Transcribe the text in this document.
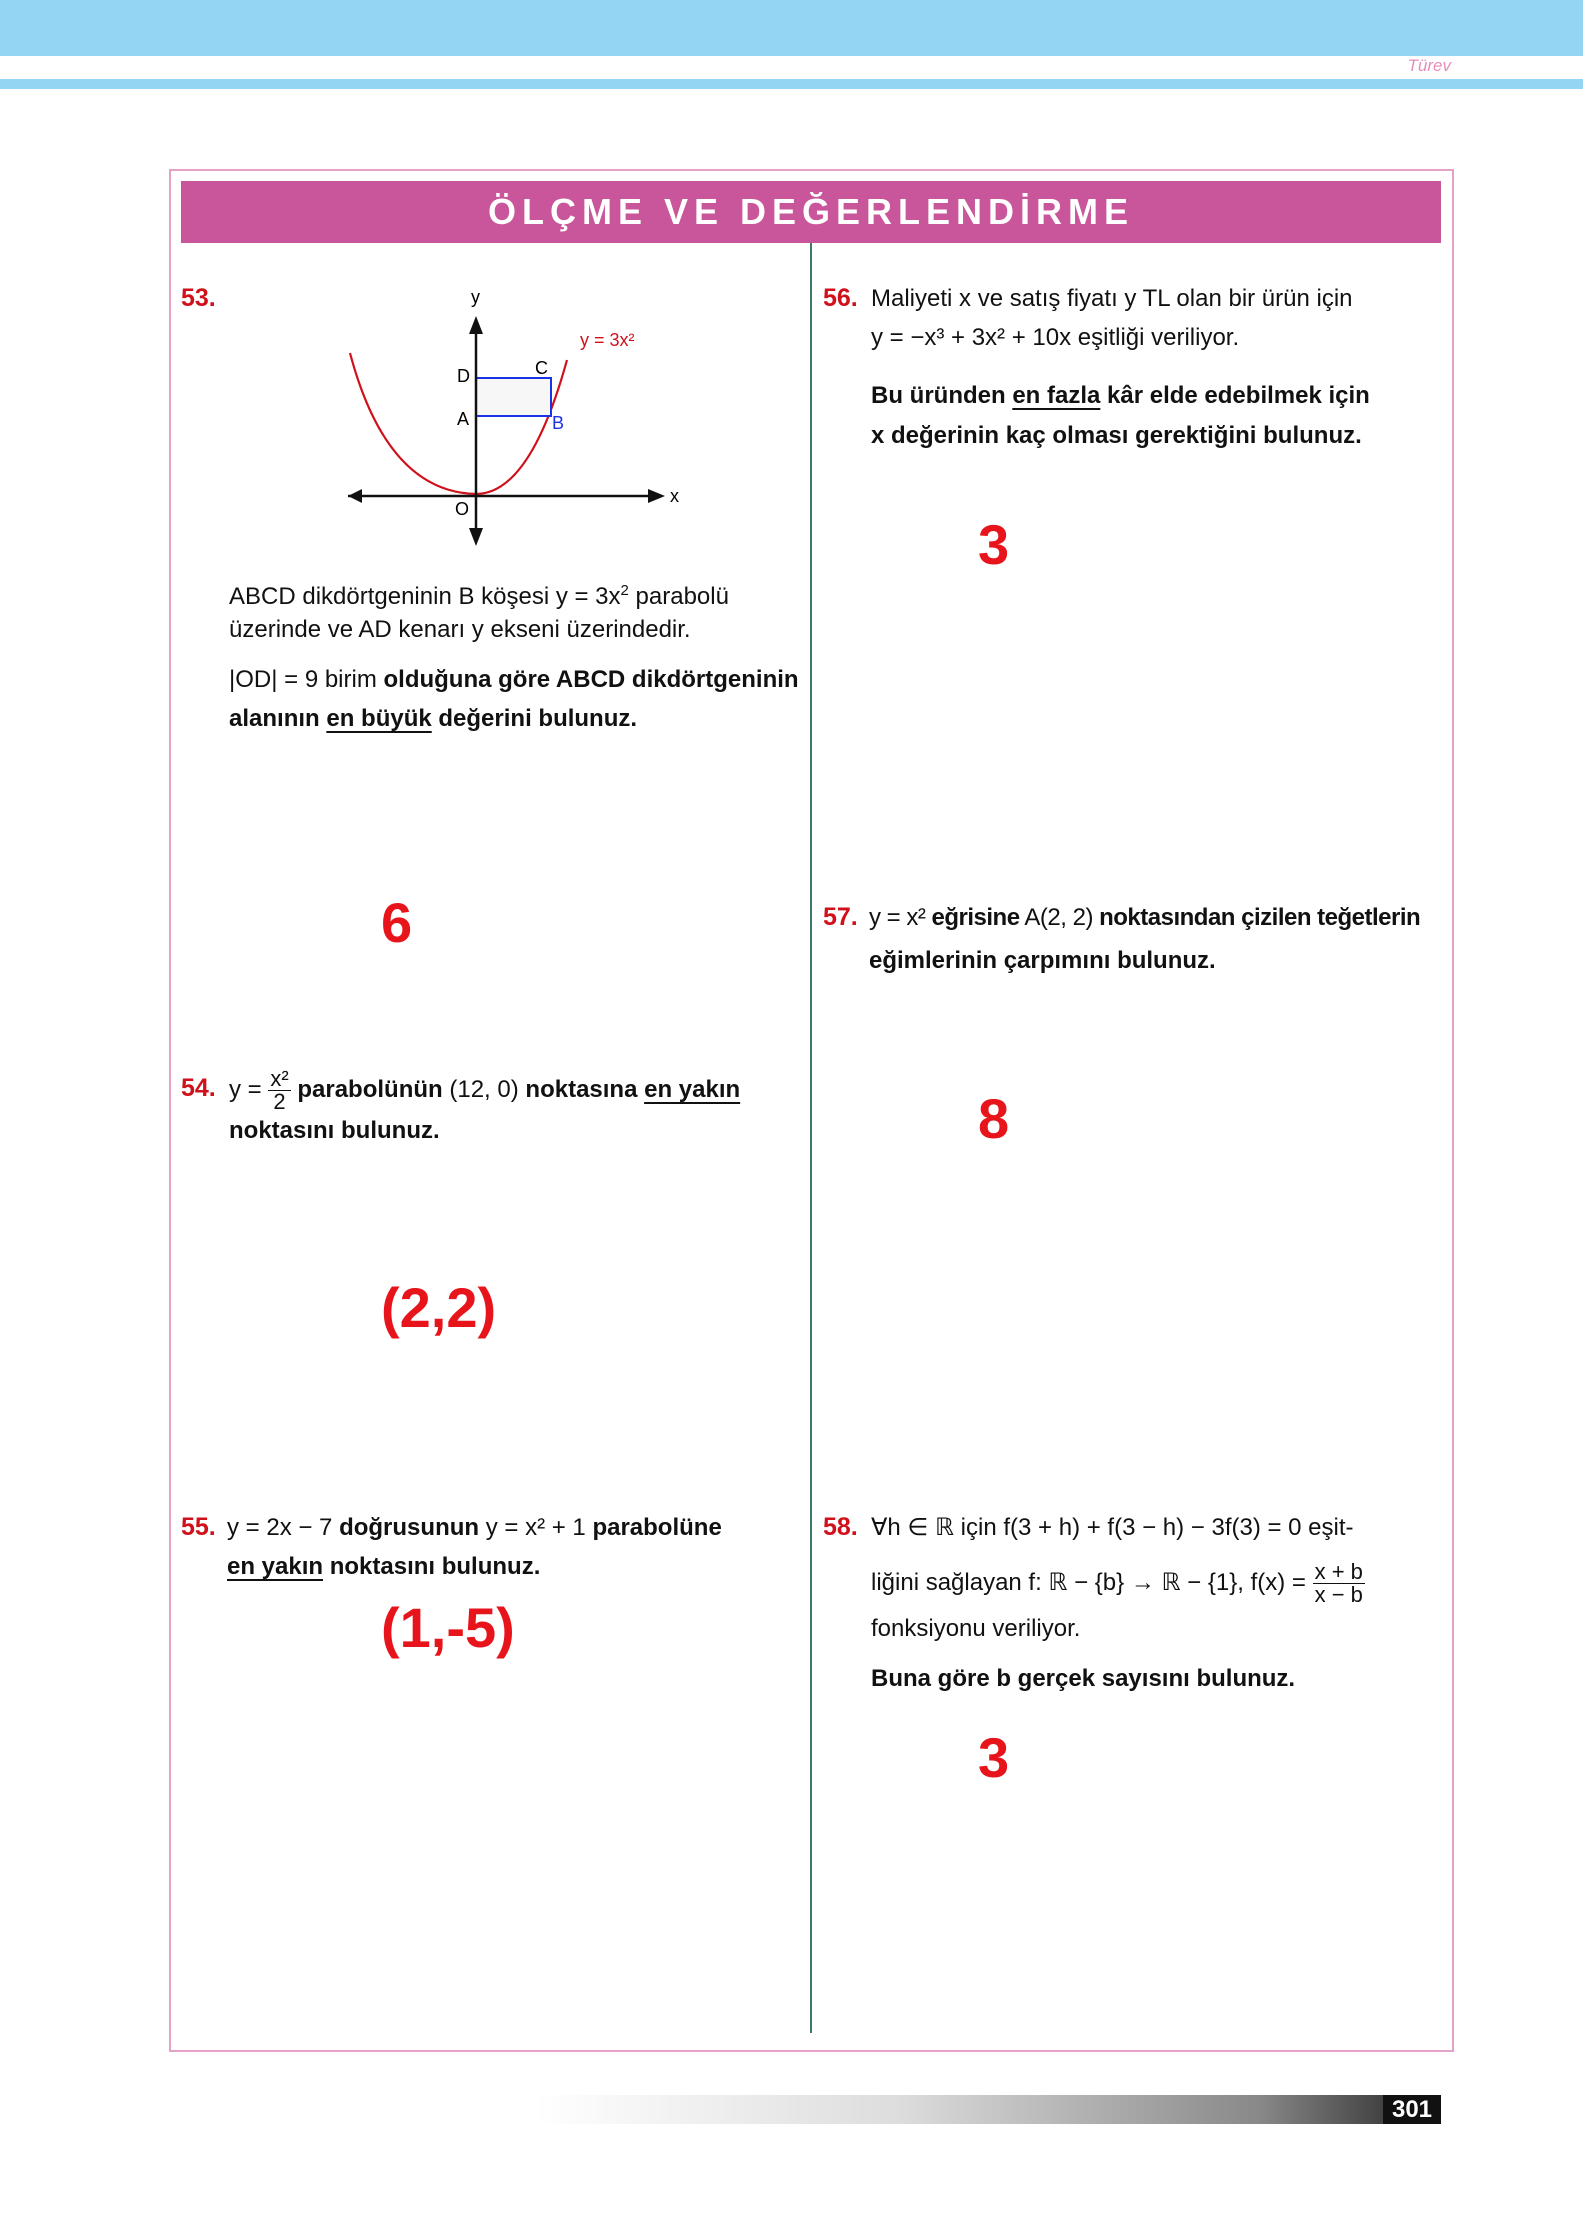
Türev
ÖLÇME VE DEĞERLENDİRME
53.	y
x
O
D
A
C
B
y = 3x²
ABCD dikdörtgeninin B köşesi $y = 3x^2$ parabolü
üzerinde ve AD kenarı y ekseni üzerindedir.
|OD| = 9 birim olduğuna göre ABCD dikdörtgeninin
alanının en büyük değerini bulunuz.
6
54. $y = \frac{\text{x²}}{2}$ parabolünün (12, 0) noktasına en yakın
noktasını bulunuz.
(2,2)
55. y = 2x − 7 doğrusunun y = x² + 1 parabolüne
en yakın noktasını bulunuz.
(1,-5)
56. Maliyeti x ve satış fiyatı y TL olan bir ürün için
y = −x³ + 3x² + 10x eşitliği veriliyor.
Bu üründen en fazla kâr elde edebilmek için
x değerinin kaç olması gerektiğini bulunuz.
3
57. y = x² eğrisine A(2, 2) noktasından çizilen teğetlerin
eğimlerinin çarpımını bulunuz.
8
58. ∀h ∈ ℝ için f(3 + h) + f(3 − h) − 3f(3) = 0 eşit-
liğini sağlayan f: ℝ − {b} → ℝ − {1}, $f(x) = \frac{x + b}{x - b}$
fonksiyonu veriliyor.
Buna göre b gerçek sayısını bulunuz.
3
301
